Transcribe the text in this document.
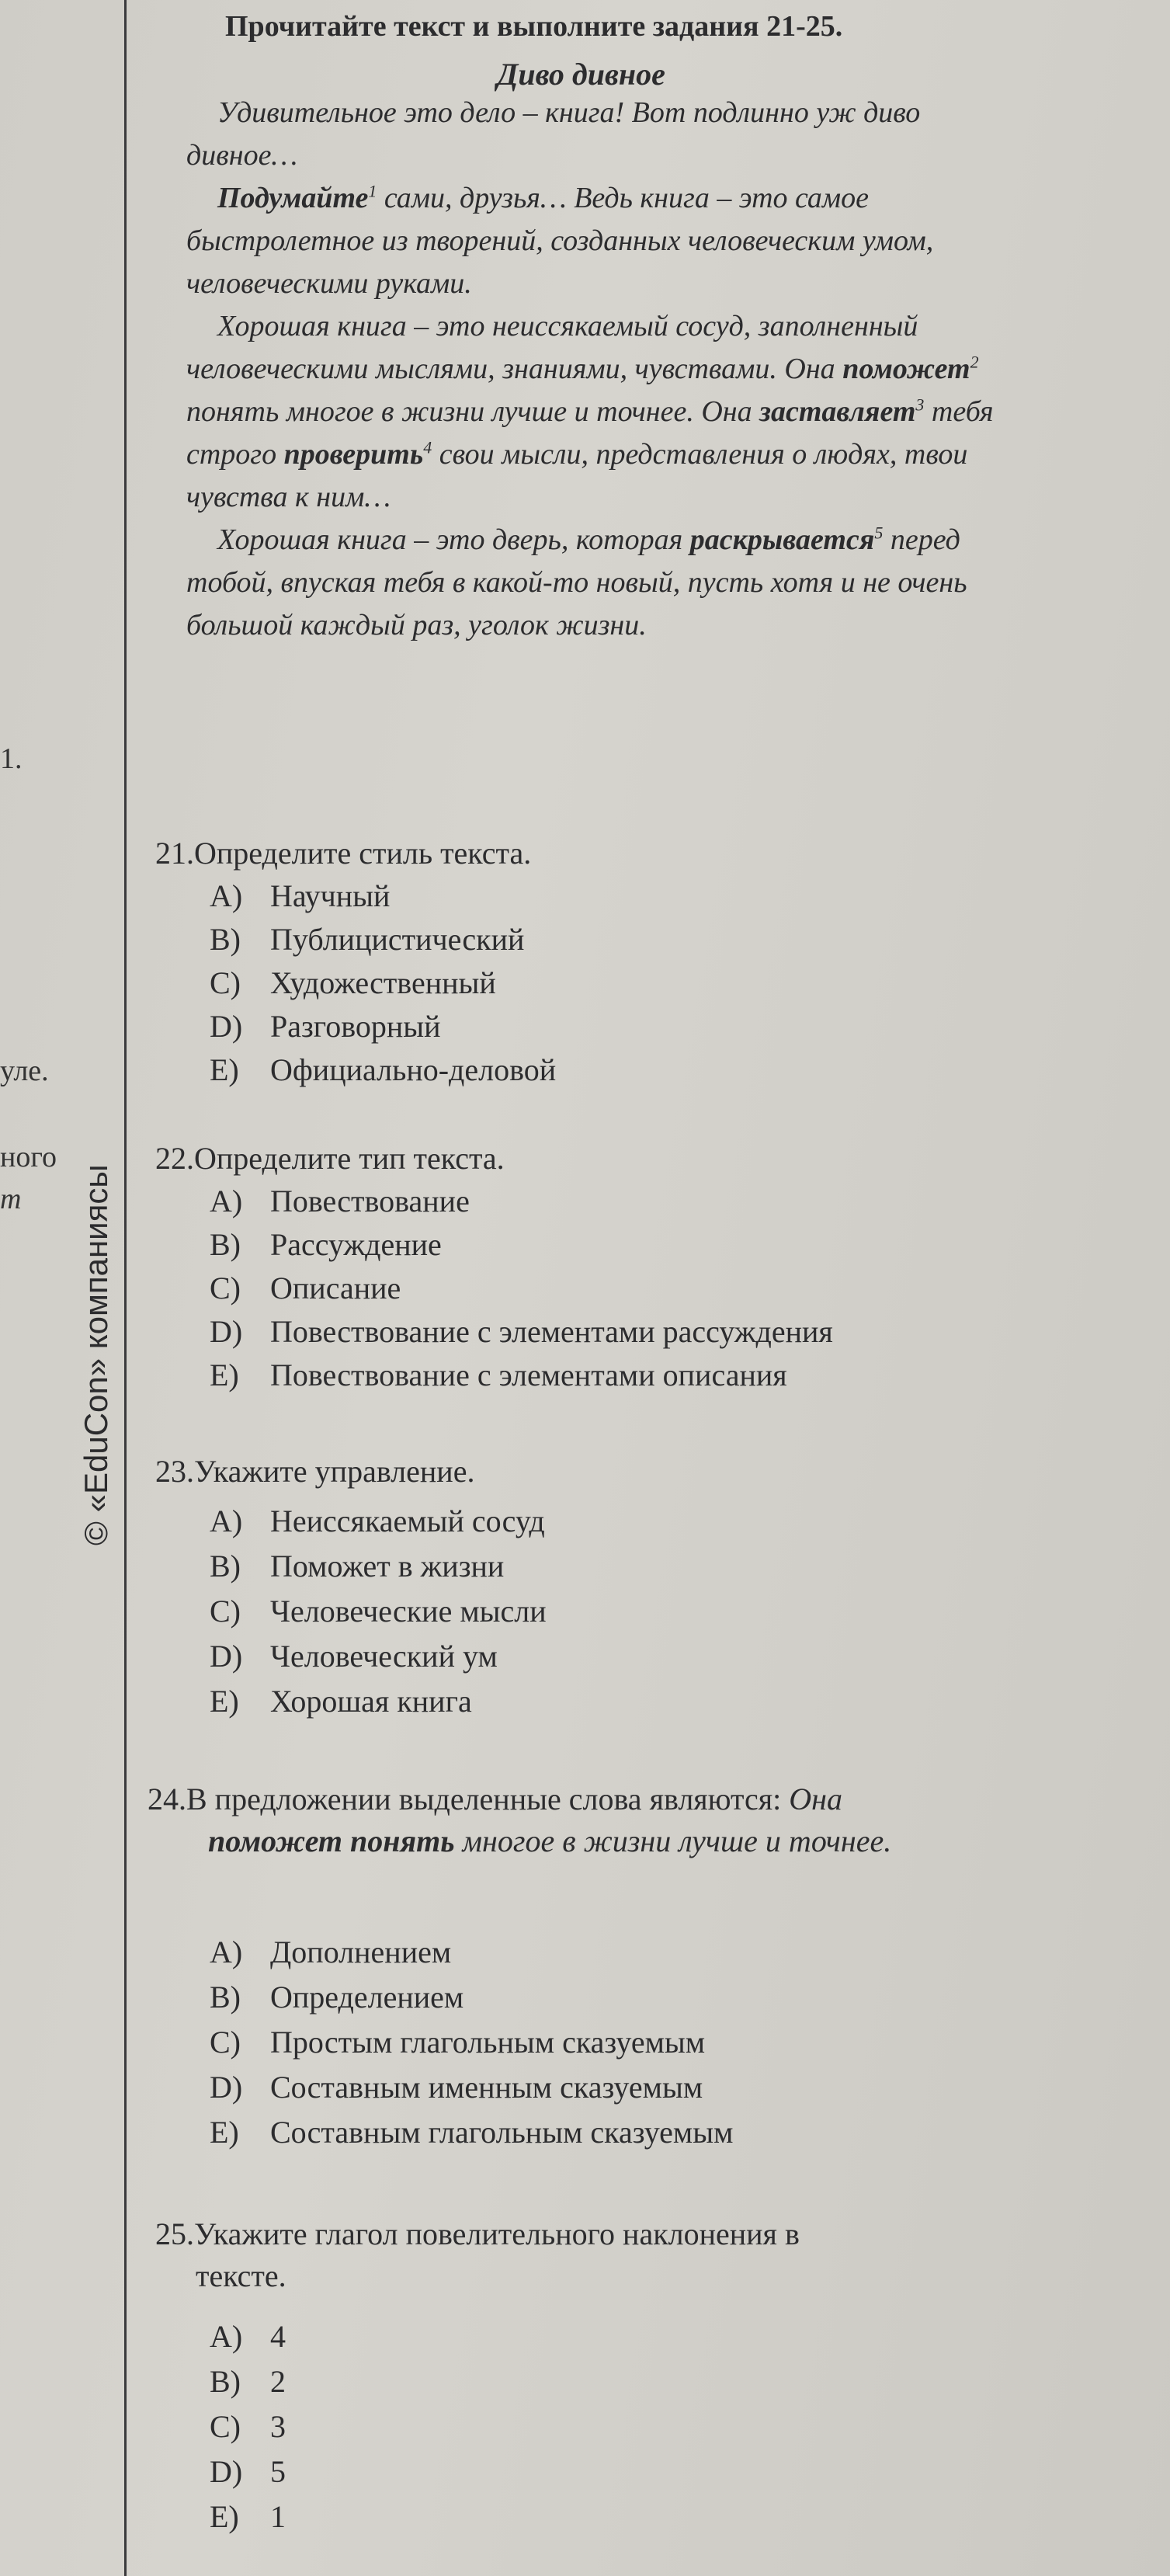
1.
уле.
ного
т © «EduCon» компаниясы
Прочитайте текст и выполните задания 21-25.
Диво дивное

Удивительное это дело – книга! Вот подлинно уж диво дивное…

Подумайте$^1$ сами, друзья… Ведь книга – это самое быстролетное из творений, созданных человеческим умом, человеческими руками.

Хорошая книга – это неиссякаемый сосуд, заполненный человеческими мыслями, знаниями, чувствами. Она поможет$^2$ понять многое в жизни лучше и точнее. Она заставляет$^3$ тебя строго проверить$^4$ свои мысли, представления о людях, твои чувства к ним…

Хорошая книга – это дверь, которая раскрывается$^5$ перед тобой, впуская тебя в какой-то новый, пусть хотя и не очень большой каждый раз, уголок жизни.

21.Определите стиль текста.
A) Научный
B) Публицистический
C) Художественный
D) Разговорный
E) Официально-деловой
22.Определите тип текста.
A) Повествование
B) Рассуждение
C) Описание
D) Повествование с элементами рассуждения
E) Повествование с элементами описания
23.Укажите управление.
A) Неиссякаемый сосуд
B) Поможет в жизни
C) Человеческие мысли
D) Человеческий ум
E) Хорошая книга
24.В предложении выделенные слова являются: Она
поможет понять многое в жизни лучше и точнее.
A) Дополнением
B) Определением
C) Простым глагольным сказуемым
D) Составным именным сказуемым
E) Составным глагольным сказуемым
25.Укажите глагол повелительного наклонения в
тексте.
A) 4
B) 2
C) 3
D) 5
E) 1
